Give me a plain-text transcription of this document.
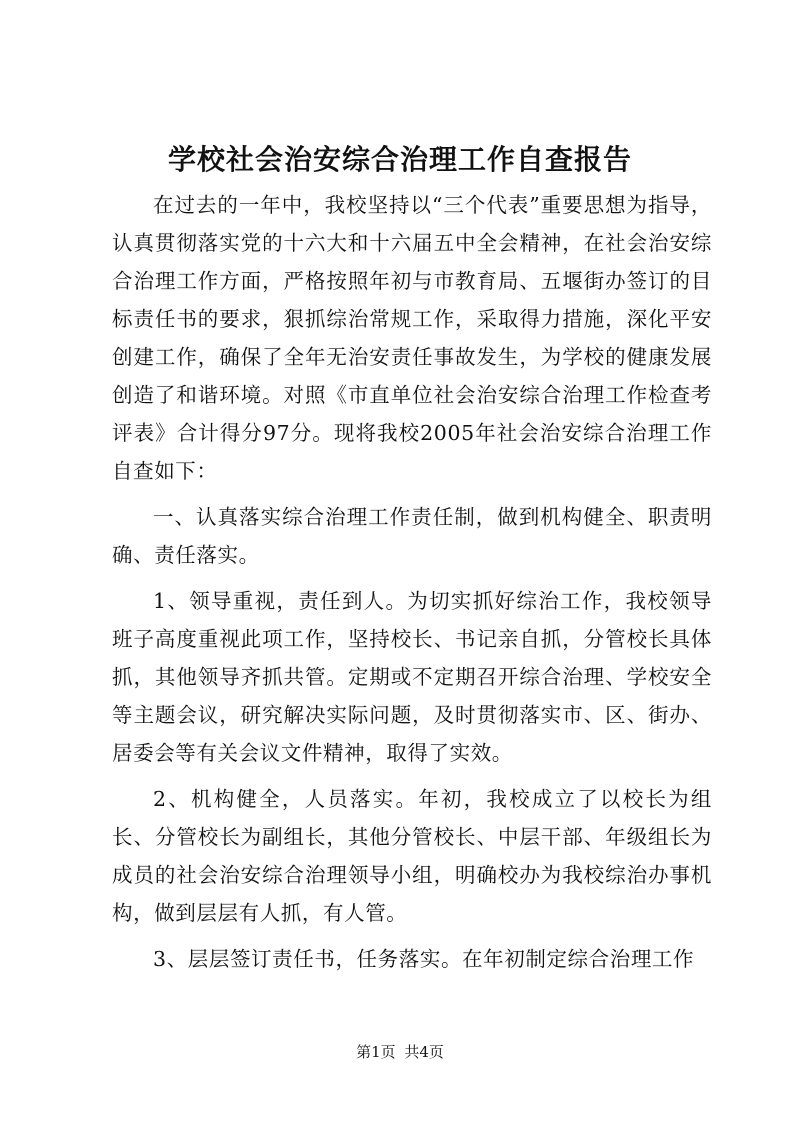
学校社会治安综合治理工作自查报告

在过去的一年中，我校坚持以“三个代表”重要思想为指导，认真贯彻落实党的十六大和十六届五中全会精神，在社会治安综合治理工作方面，严格按照年初与市教育局、五堰街办签订的目标责任书的要求，狠抓综治常规工作，采取得力措施，深化平安创建工作，确保了全年无治安责任事故发生，为学校的健康发展创造了和谐环境。对照《市直单位社会治安综合治理工作检查考评表》合计得分97分。现将我校2005年社会治安综合治理工作自查如下：

一、认真落实综合治理工作责任制，做到机构健全、职责明确、责任落实。

1、领导重视，责任到人。为切实抓好综治工作，我校领导班子高度重视此项工作，坚持校长、书记亲自抓，分管校长具体抓，其他领导齐抓共管。定期或不定期召开综合治理、学校安全等主题会议，研究解决实际问题，及时贯彻落实市、区、街办、居委会等有关会议文件精神，取得了实效。

2、机构健全，人员落实。年初，我校成立了以校长为组长、分管校长为副组长，其他分管校长、中层干部、年级组长为成员的社会治安综合治理领导小组，明确校办为我校综治办事机构，做到层层有人抓，有人管。

3、层层签订责任书，任务落实。在年初制定综合治理工作

第1页 共4页
